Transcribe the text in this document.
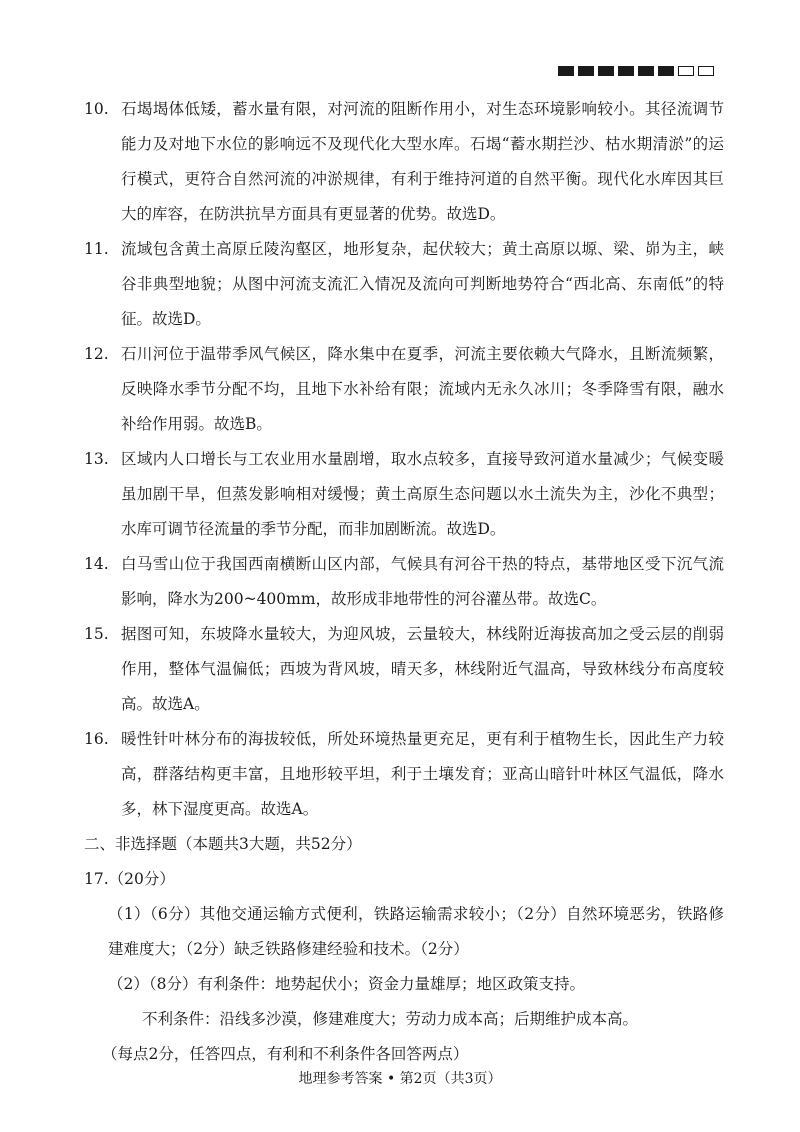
10. 石堨堨体低矮，蓄水量有限，对河流的阻断作用小，对生态环境影响较小。其径流调节能力及对地下水位的影响远不及现代化大型水库。石堨“蓄水期拦沙、枯水期清淤”的运行模式，更符合自然河流的冲淤规律，有利于维持河道的自然平衡。现代化水库因其巨大的库容，在防洪抗旱方面具有更显著的优势。故选D。
11. 流域包含黄土高原丘陵沟壑区，地形复杂，起伏较大；黄土高原以塬、梁、峁为主，峡谷非典型地貌；从图中河流支流汇入情况及流向可判断地势符合“西北高、东南低”的特征。故选D。
12. 石川河位于温带季风气候区，降水集中在夏季，河流主要依赖大气降水，且断流频繁，反映降水季节分配不均，且地下水补给有限；流域内无永久冰川；冬季降雪有限，融水补给作用弱。故选B。
13. 区域内人口增长与工农业用水量剧增，取水点较多，直接导致河道水量减少；气候变暖虽加剧干旱，但蒸发影响相对缓慢；黄土高原生态问题以水土流失为主，沙化不典型；水库可调节径流量的季节分配，而非加剧断流。故选D。
14. 白马雪山位于我国西南横断山区内部，气候具有河谷干热的特点，基带地区受下沉气流影响，降水为200~400mm，故形成非地带性的河谷灌丛带。故选C。
15. 据图可知，东坡降水量较大，为迎风坡，云量较大，林线附近海拔高加之受云层的削弱作用，整体气温偏低；西坡为背风坡，晴天多，林线附近气温高，导致林线分布高度较高。故选A。
16. 暖性针叶林分布的海拔较低，所处环境热量更充足，更有利于植物生长，因此生产力较高，群落结构更丰富，且地形较平坦，利于土壤发育；亚高山暗针叶林区气温低，降水多，林下湿度更高。故选A。
二、非选择题（本题共3大题，共52分）
17.（20分）
（1）（6分）其他交通运输方式便利，铁路运输需求较小；（2分）自然环境恶劣，铁路修建难度大；（2分）缺乏铁路修建经验和技术。（2分）
（2）（8分）有利条件：地势起伏小；资金力量雄厚；地区政策支持。
不利条件：沿线多沙漠，修建难度大；劳动力成本高；后期维护成本高。
（每点2分，任答四点，有利和不利条件各回答两点）
地理参考答案 • 第2页（共3页）
